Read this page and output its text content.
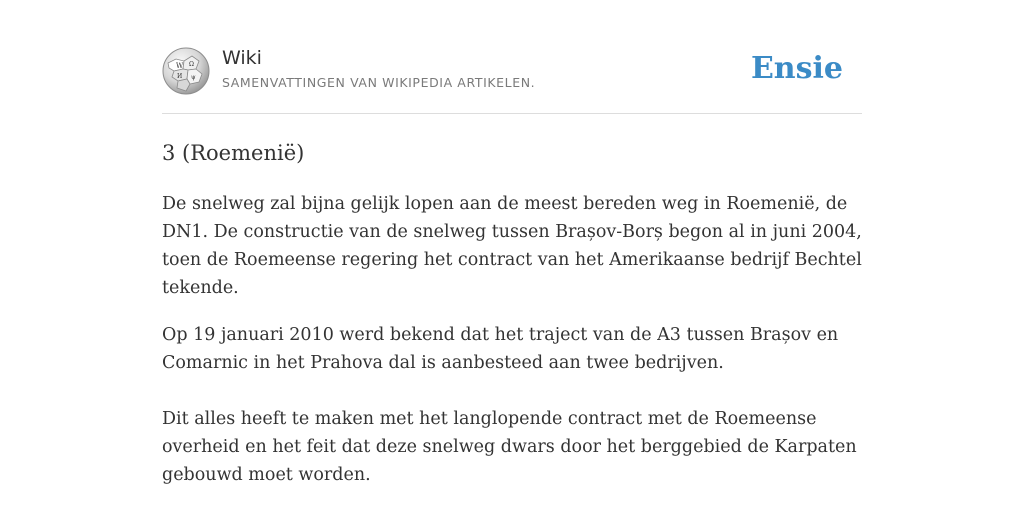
W Ω
И ψ
Wiki
SAMENVATTINGEN VAN WIKIPEDIA ARTIKELEN.	Ensie
3 (Roemenië)

De snelweg zal bijna gelijk lopen aan de meest bereden weg in Roemenië, de
DN1. De constructie van de snelweg tussen Brașov-Borș begon al in juni 2004,
toen de Roemeense regering het contract van het Amerikaanse bedrijf Bechtel
tekende.

Op 19 januari 2010 werd bekend dat het traject van de A3 tussen Brașov en
Comarnic in het Prahova dal is aanbesteed aan twee bedrijven.

Dit alles heeft te maken met het langlopende contract met de Roemeense
overheid en het feit dat deze snelweg dwars door het berggebied de Karpaten
gebouwd moet worden.
